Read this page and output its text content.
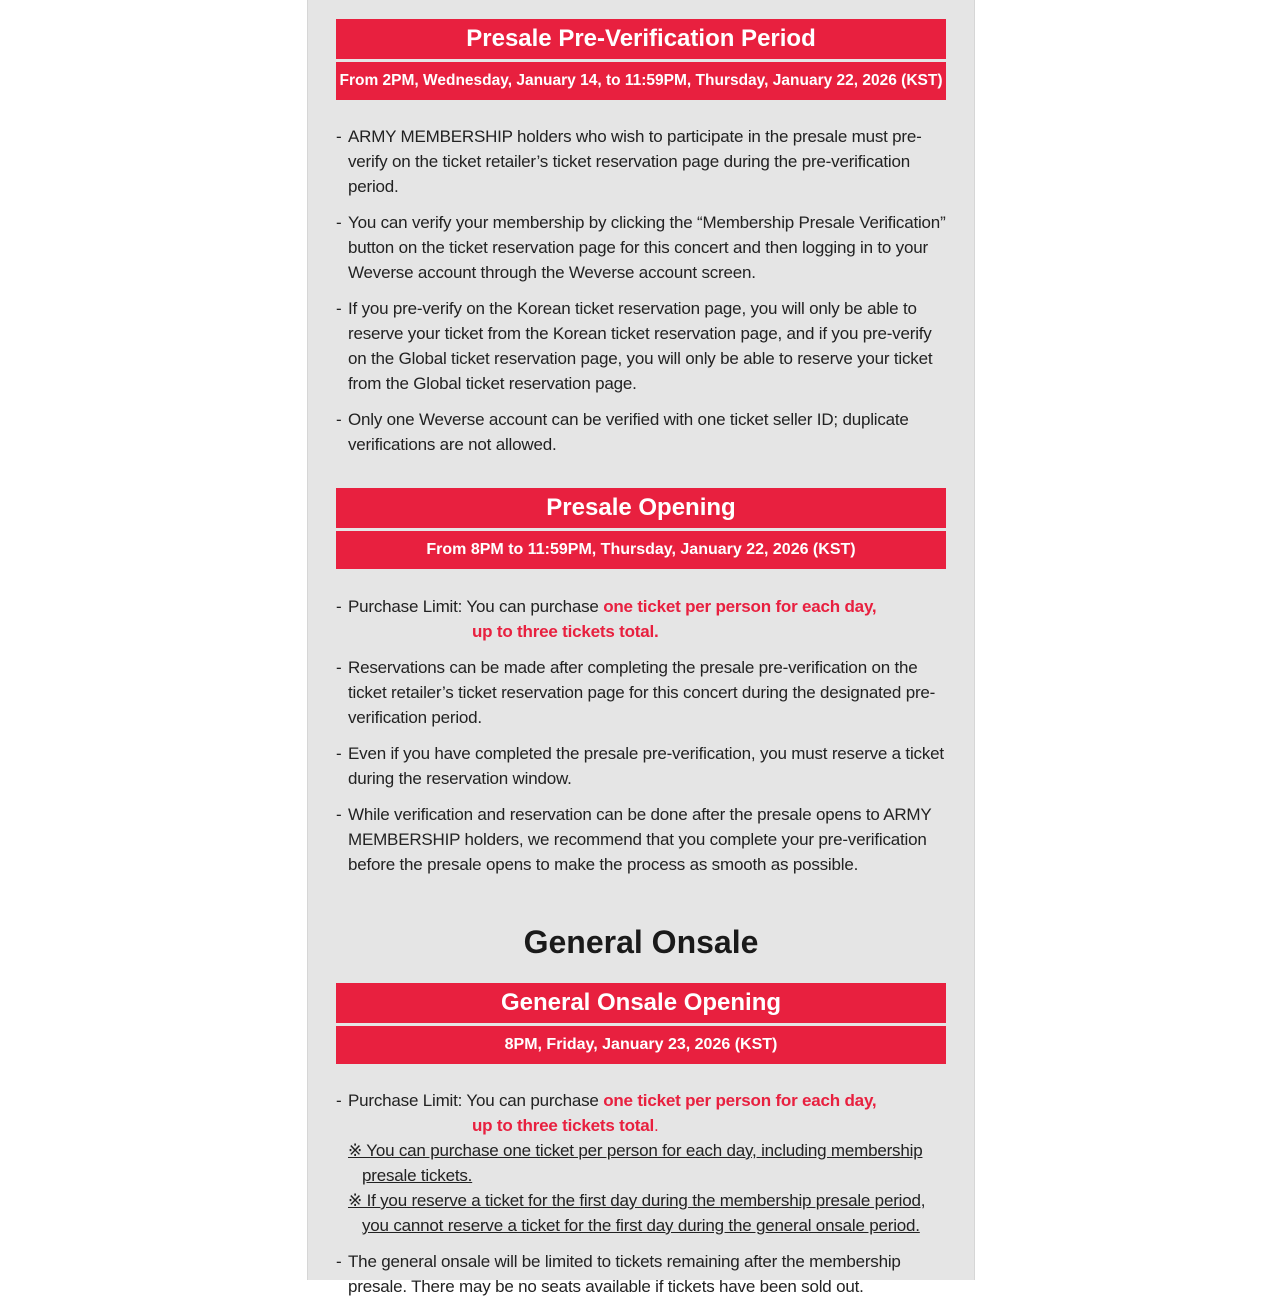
Presale Pre-Verification Period
From 2PM, Wednesday, January 14, to 11:59PM, Thursday, January 22, 2026 (KST)
- ARMY MEMBERSHIP holders who wish to participate in the presale must pre-verify on the ticket retailer’s ticket reservation page during the pre-verification period.
- You can verify your membership by clicking the “Membership Presale Verification” button on the ticket reservation page for this concert and then logging in to your Weverse account through the Weverse account screen.
- If you pre-verify on the Korean ticket reservation page, you will only be able to reserve your ticket from the Korean ticket reservation page, and if you pre-verify on the Global ticket reservation page, you will only be able to reserve your ticket from the Global ticket reservation page.
- Only one Weverse account can be verified with one ticket seller ID; duplicate verifications are not allowed.
Presale Opening
From 8PM to 11:59PM, Thursday, January 22, 2026 (KST)
- Purchase Limit: You can purchase one ticket per person for each day,
up to three tickets total.
- Reservations can be made after completing the presale pre-verification on the ticket retailer’s ticket reservation page for this concert during the designated pre-verification period.
- Even if you have completed the presale pre-verification, you must reserve a ticket during the reservation window.
- While verification and reservation can be done after the presale opens to ARMY MEMBERSHIP holders, we recommend that you complete your pre-verification before the presale opens to make the process as smooth as possible.
General Onsale
General Onsale Opening
8PM, Friday, January 23, 2026 (KST)
- Purchase Limit: You can purchase one ticket per person for each day,
up to three tickets total.
※ You can purchase one ticket per person for each day, including membership presale tickets.
※ If you reserve a ticket for the first day during the membership presale period, you cannot reserve a ticket for the first day during the general onsale period.
- The general onsale will be limited to tickets remaining after the membership presale. There may be no seats available if tickets have been sold out.
